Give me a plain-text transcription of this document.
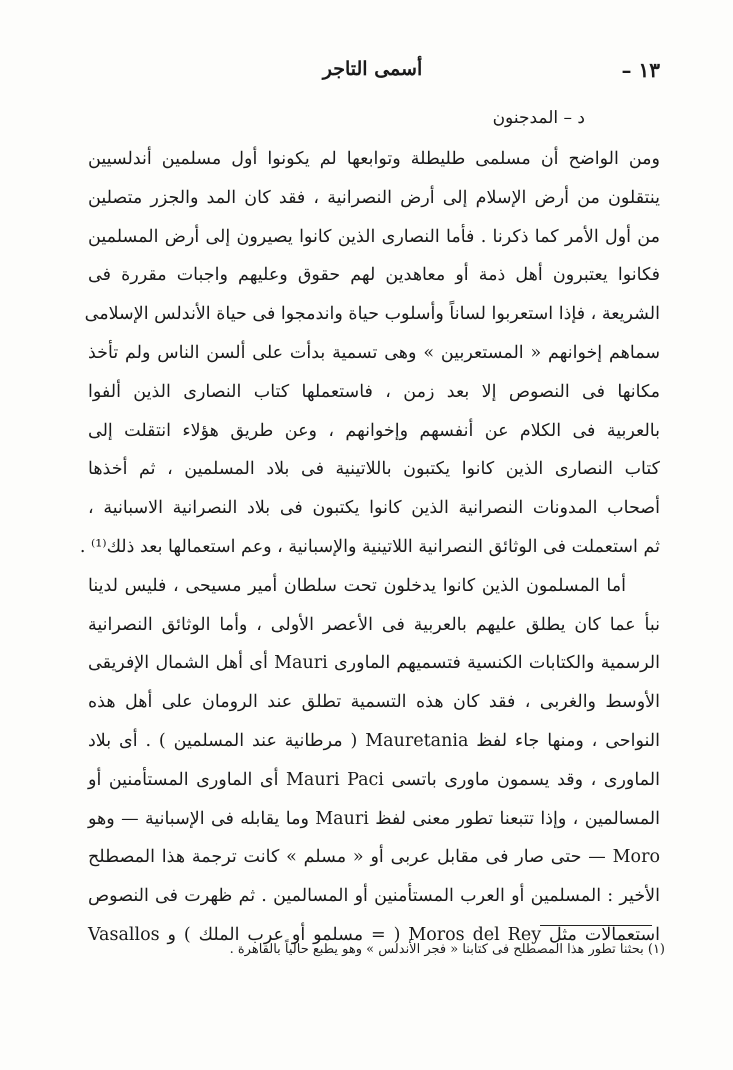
١٣ –
أسمى التاجر
د – المدجنون
ومن الواضح أن مسلمى طليطلة وتوابعها لم يكونوا أول مسلمين أندلسيين
ينتقلون من أرض الإسلام إلى أرض النصرانية ، فقد كان المد والجزر متصلين
من أول الأمر كما ذكرنا . فأما النصارى الذين كانوا يصيرون إلى أرض المسلمين
فكانوا يعتبرون أهل ذمة أو معاهدين لهم حقوق وعليهم واجبات مقررة فى
الشريعة ، فإذا استعربوا لساناً وأسلوب حياة واندمجوا فى حياة الأندلس الإسلامى
سماهم إخوانهم « المستعربين » وهى تسمية بدأت على ألسن الناس ولم تأخذ
مكانها فى النصوص إلا بعد زمن ، فاستعملها كتاب النصارى الذين ألفوا
بالعربية فى الكلام عن أنفسهم وإخوانهم ، وعن طريق هؤلاء انتقلت إلى
كتاب النصارى الذين كانوا يكتبون باللاتينية فى بلاد المسلمين ، ثم أخذها
أصحاب المدونات النصرانية الذين كانوا يكتبون فى بلاد النصرانية الاسبانية ،
ثم استعملت فى الوثائق النصرانية اللاتينية والإسبانية ، وعم استعمالها بعد ذلك⁽¹⁾ .
أما المسلمون الذين كانوا يدخلون تحت سلطان أمير مسيحى ، فليس لدينا
نبأ عما كان يطلق عليهم بالعربية فى الأعصر الأولى ، وأما الوثائق النصرانية
الرسمية والكتابات الكنسية فتسميهم الماورى Mauri أى أهل الشمال الإفريقى
الأوسط والغربى ، فقد كان هذه التسمية تطلق عند الرومان على أهل هذه
النواحى ، ومنها جاء لفظ Mauretania ( مرطانية عند المسلمين ) . أى بلاد
الماورى ، وقد يسمون ماورى باتسى Mauri Paci أى الماورى المستأمنين أو
المسالمين ، وإذا تتبعنا تطور معنى لفظ Mauri وما يقابله فى الإسبانية — وهو
Moro — حتى صار فى مقابل عربى أو « مسلم » كانت ترجمة هذا المصطلح
الأخير : المسلمين أو العرب المستأمنين أو المسالمين . ثم ظهرت فى النصوص
استعمالات مثل Moros del Rey ( = مسلمو أو عرب الملك ) و Vasallos
(١) بحثنا تطور هذا المصطلح فى كتابنا « فجر الأندلس » وهو يطبع حالياً بالقاهرة .
